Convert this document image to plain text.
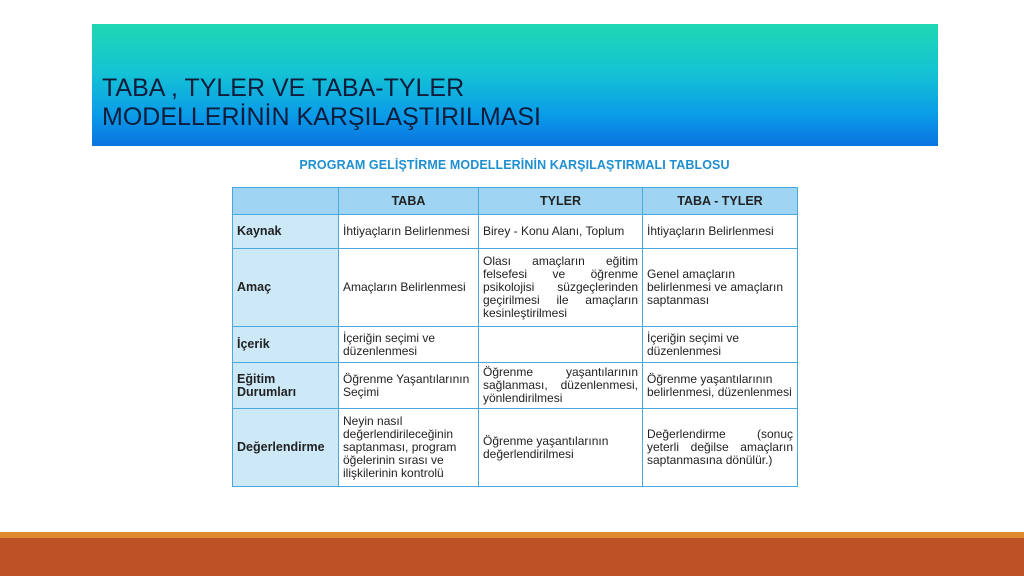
TABA , TYLER VE TABA-TYLER
MODELLERİNİN KARŞILAŞTIRILMASI
PROGRAM GELİŞTİRME MODELLERİNİN KARŞILAŞTIRMALI TABLOSU
	TABA	TYLER	TABA - TYLER
Kaynak	İhtiyaçların Belirlenmesi	Birey - Konu Alanı, Toplum	İhtiyaçların Belirlenmesi
Amaç	Amaçların Belirlenmesi	Olası amaçların eğitim felsefesi ve öğrenme psikolojisi süzgeçlerinden geçirilmesi ile amaçların kesinleştirilmesi	Genel amaçların belirlenmesi ve amaçların saptanması
İçerik	İçeriğin seçimi ve düzenlenmesi		İçeriğin seçimi ve düzenlenmesi
Eğitim Durumları	Öğrenme Yaşantılarının Seçimi	Öğrenme yaşantılarının sağlanması, düzenlenmesi, yönlendirilmesi	Öğrenme yaşantılarının belirlenmesi, düzenlenmesi
Değerlendirme	Neyin nasıl değerlendirileceğinin saptanması, program öğelerinin sırası ve ilişkilerinin kontrolü	Öğrenme yaşantılarının değerlendirilmesi	Değerlendirme (sonuç yeterli değilse amaçların saptanmasına dönülür.)
